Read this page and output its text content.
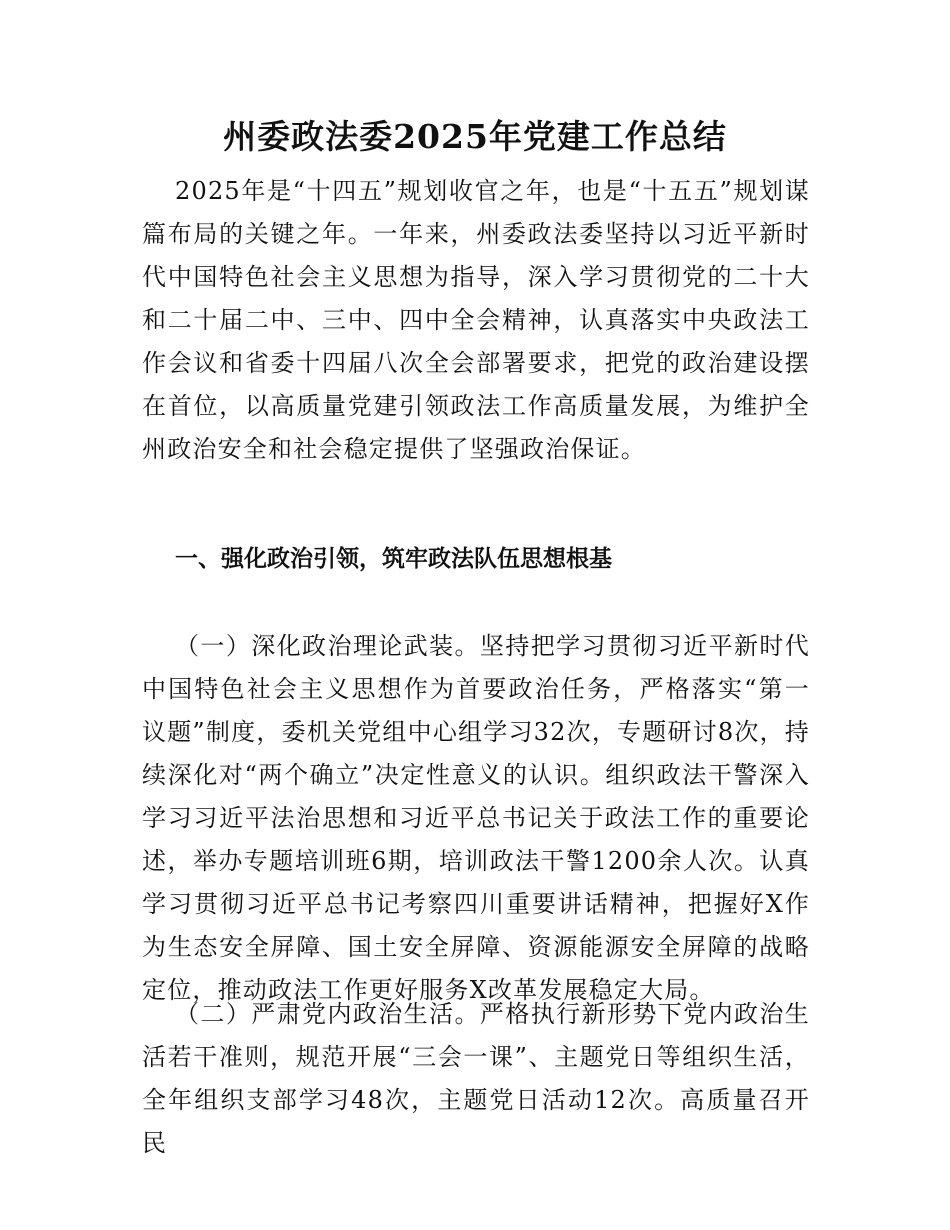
州委政法委2025年党建工作总结

2025年是“十四五”规划收官之年，也是“十五五”规划谋篇布局的关键之年。一年来，州委政法委坚持以习近平新时代中国特色社会主义思想为指导，深入学习贯彻党的二十大和二十届二中、三中、四中全会精神，认真落实中央政法工作会议和省委十四届八次全会部署要求，把党的政治建设摆在首位，以高质量党建引领政法工作高质量发展，为维护全州政治安全和社会稳定提供了坚强政治保证。

一、强化政治引领，筑牢政法队伍思想根基

（一）深化政治理论武装。坚持把学习贯彻习近平新时代中国特色社会主义思想作为首要政治任务，严格落实“第一议题”制度，委机关党组中心组学习32次，专题研讨8次，持续深化对“两个确立”决定性意义的认识。组织政法干警深入学习习近平法治思想和习近平总书记关于政法工作的重要论述，举办专题培训班6期，培训政法干警1200余人次。认真学习贯彻习近平总书记考察四川重要讲话精神，把握好X作为生态安全屏障、国土安全屏障、资源能源安全屏障的战略定位，推动政法工作更好服务X改革发展稳定大局。

（二）严肃党内政治生活。严格执行新形势下党内政治生活若干准则，规范开展“三会一课”、主题党日等组织生活，全年组织支部学习48次，主题党日活动12次。高质量召开民
